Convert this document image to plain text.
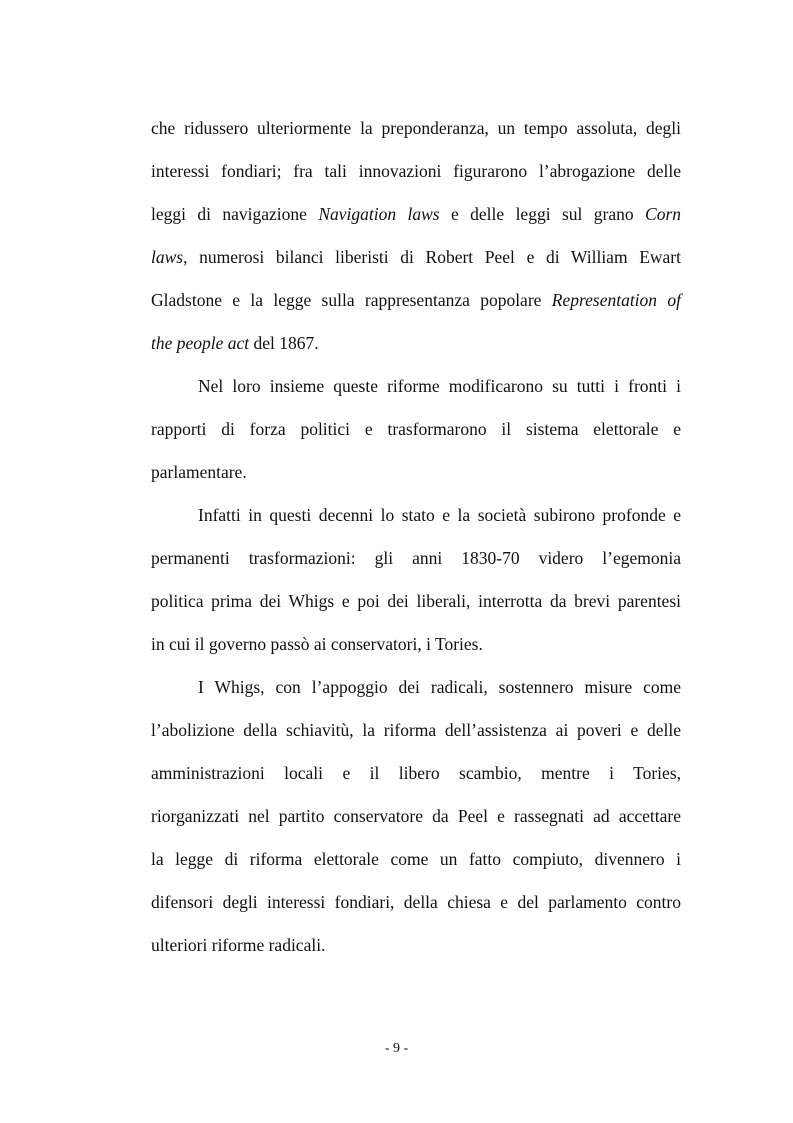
che ridussero ulteriormente la preponderanza, un tempo assoluta, degli
interessi fondiari; fra tali innovazioni figurarono l’abrogazione delle
leggi di navigazione Navigation laws e delle leggi sul grano Corn
laws, numerosi bilanci liberisti di Robert Peel e di William Ewart
Gladstone e la legge sulla rappresentanza popolare Representation of
the people act del 1867.
Nel loro insieme queste riforme modificarono su tutti i fronti i
rapporti di forza politici e trasformarono il sistema elettorale e
parlamentare.
Infatti in questi decenni lo stato e la società subirono profonde e
permanenti trasformazioni: gli anni 1830-70 videro l’egemonia
politica prima dei Whigs e poi dei liberali, interrotta da brevi parentesi
in cui il governo passò ai conservatori, i Tories.
I Whigs, con l’appoggio dei radicali, sostennero misure come
l’abolizione della schiavitù, la riforma dell’assistenza ai poveri e delle
amministrazioni locali e il libero scambio, mentre i Tories,
riorganizzati nel partito conservatore da Peel e rassegnati ad accettare
la legge di riforma elettorale come un fatto compiuto, divennero i
difensori degli interessi fondiari, della chiesa e del parlamento contro
ulteriori riforme radicali.
- 9 -
